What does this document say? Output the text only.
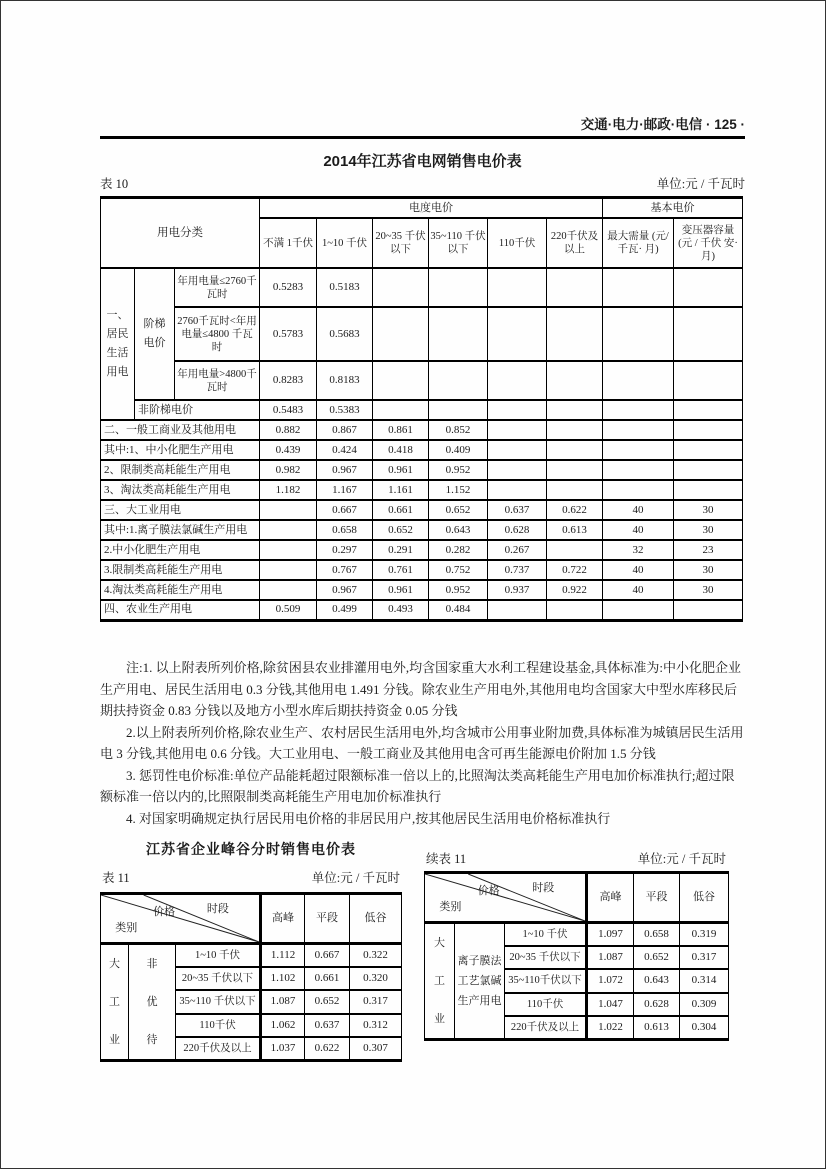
交通·电力·邮政·电信 · 125 ·
2014年江苏省电网销售电价表
表 10	单位:元 / 千瓦时
用电分类			电度电价						基本电价	
			不满 1千伏	1~10 千伏	20~35 千伏以下	35~110 千伏以下	110千伏	220千伏及 以上	最大需量 (元/千瓦· 月)	变压器容量 (元 / 千伏 安·月)

一、居民生活用电	阶梯电价	年用电量≤2760千瓦时	0.5283	0.5183						
		2760千瓦时<年用电量≤4800 千瓦时	0.5783	0.5683						
		年用电量>4800千瓦时	0.8283	0.8183						
	非阶梯电价		0.5483	0.5383						
二、一般工商业及其他用电			0.882	0.867	0.861	0.852				
其中:1、中小化肥生产用电			0.439	0.424	0.418	0.409				
2、限制类高耗能生产用电			0.982	0.967	0.961	0.952				
3、淘汰类高耗能生产用电			1.182	1.167	1.161	1.152				
三、大工业用电				0.667	0.661	0.652	0.637	0.622	40	30
其中:1.离子膜法氯碱生产用电				0.658	0.652	0.643	0.628	0.613	40	30
2.中小化肥生产用电				0.297	0.291	0.282	0.267		32	23
3.限制类高耗能生产用电				0.767	0.761	0.752	0.737	0.722	40	30
4.淘汰类高耗能生产用电				0.967	0.961	0.952	0.937	0.922	40	30
四、农业生产用电			0.509	0.499	0.493	0.484				

注:1. 以上附表所列价格,除贫困县农业排灌用电外,均含国家重大水利工程建设基金,具体标准为:中小化肥企业生产用电、居民生活用电 0.3 分钱,其他用电 1.491 分钱。除农业生产用电外,其他用电均含国家大中型水库移民后期扶持资金 0.83 分钱以及地方小型水库后期扶持资金 0.05 分钱

2.以上附表所列价格,除农业生产、农村居民生活用电外,均含城市公用事业附加费,具体标准为城镇居民生活用电 3 分钱,其他用电 0.6 分钱。大工业用电、一般工商业及其他用电含可再生能源电价附加 1.5 分钱

3. 惩罚性电价标准:单位产品能耗超过限额标准一倍以上的,比照淘汰类高耗能生产用电加价标准执行;超过限额标准一倍以内的,比照限制类高耗能生产用电加价标准执行

4. 对国家明确规定执行居民用电价格的非居民用户,按其他居民生活用电价格标准执行

江苏省企业峰谷分时销售电价表
表 11	单位:元 / 千瓦时
价格 时段
类别			高峰	平段	低谷

大工业	非优待	1~10 千伏	1.112	0.667	0.322
		20~35 千伏以下	1.102	0.661	0.320
		35~110 千伏以下	1.087	0.652	0.317
		110千伏	1.062	0.637	0.312
		220千伏及以上	1.037	0.622	0.307
续表 11	单位:元 / 千瓦时
价格 时段
类别			高峰	平段	低谷

大工业	离子膜法工艺氯碱生产用电	1~10 千伏	1.097	0.658	0.319
		20~35 千伏以下	1.087	0.652	0.317
		35~110千伏以下	1.072	0.643	0.314
		110千伏	1.047	0.628	0.309
		220千伏及以上	1.022	0.613	0.304
